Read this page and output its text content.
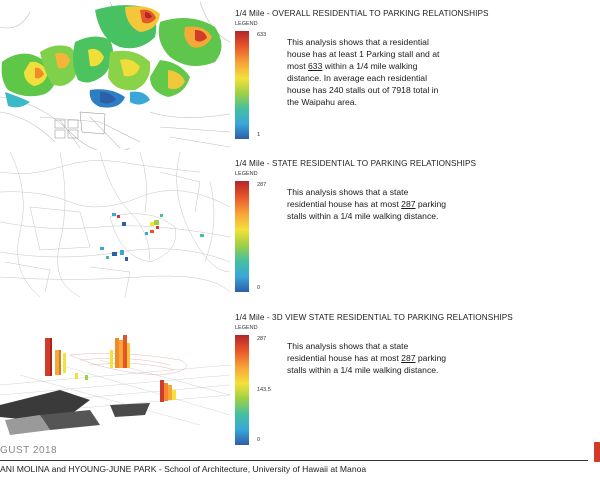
1/4 Mile - OVERALL RESIDENTIAL TO PARKING RELATIONSHIPS
LEGEND
633
1
This analysis shows that a residential house has at least 1 Parking stall and at most 633 within a 1/4 mile walking distance. In average each residential house has 240 stalls out of 7918 total in the Waipahu area.
1/4 Mile - STATE RESIDENTIAL TO PARKING RELATIONSHIPS
LEGEND
287
0
This analysis shows that a state residential house has at most 287 parking stalls within a 1/4 mile walking distance.
1/4 Mile - 3D VIEW STATE RESIDENTIAL TO PARKING RELATIONSHIPS
LEGEND
287
143.5
0
This analysis shows that a state residential house has at most 287 parking stalls within a 1/4 mile walking distance.
GUST 2018
ANI MOLINA and HYOUNG-JUNE PARK - School of Architecture, University of Hawaii at Manoa
